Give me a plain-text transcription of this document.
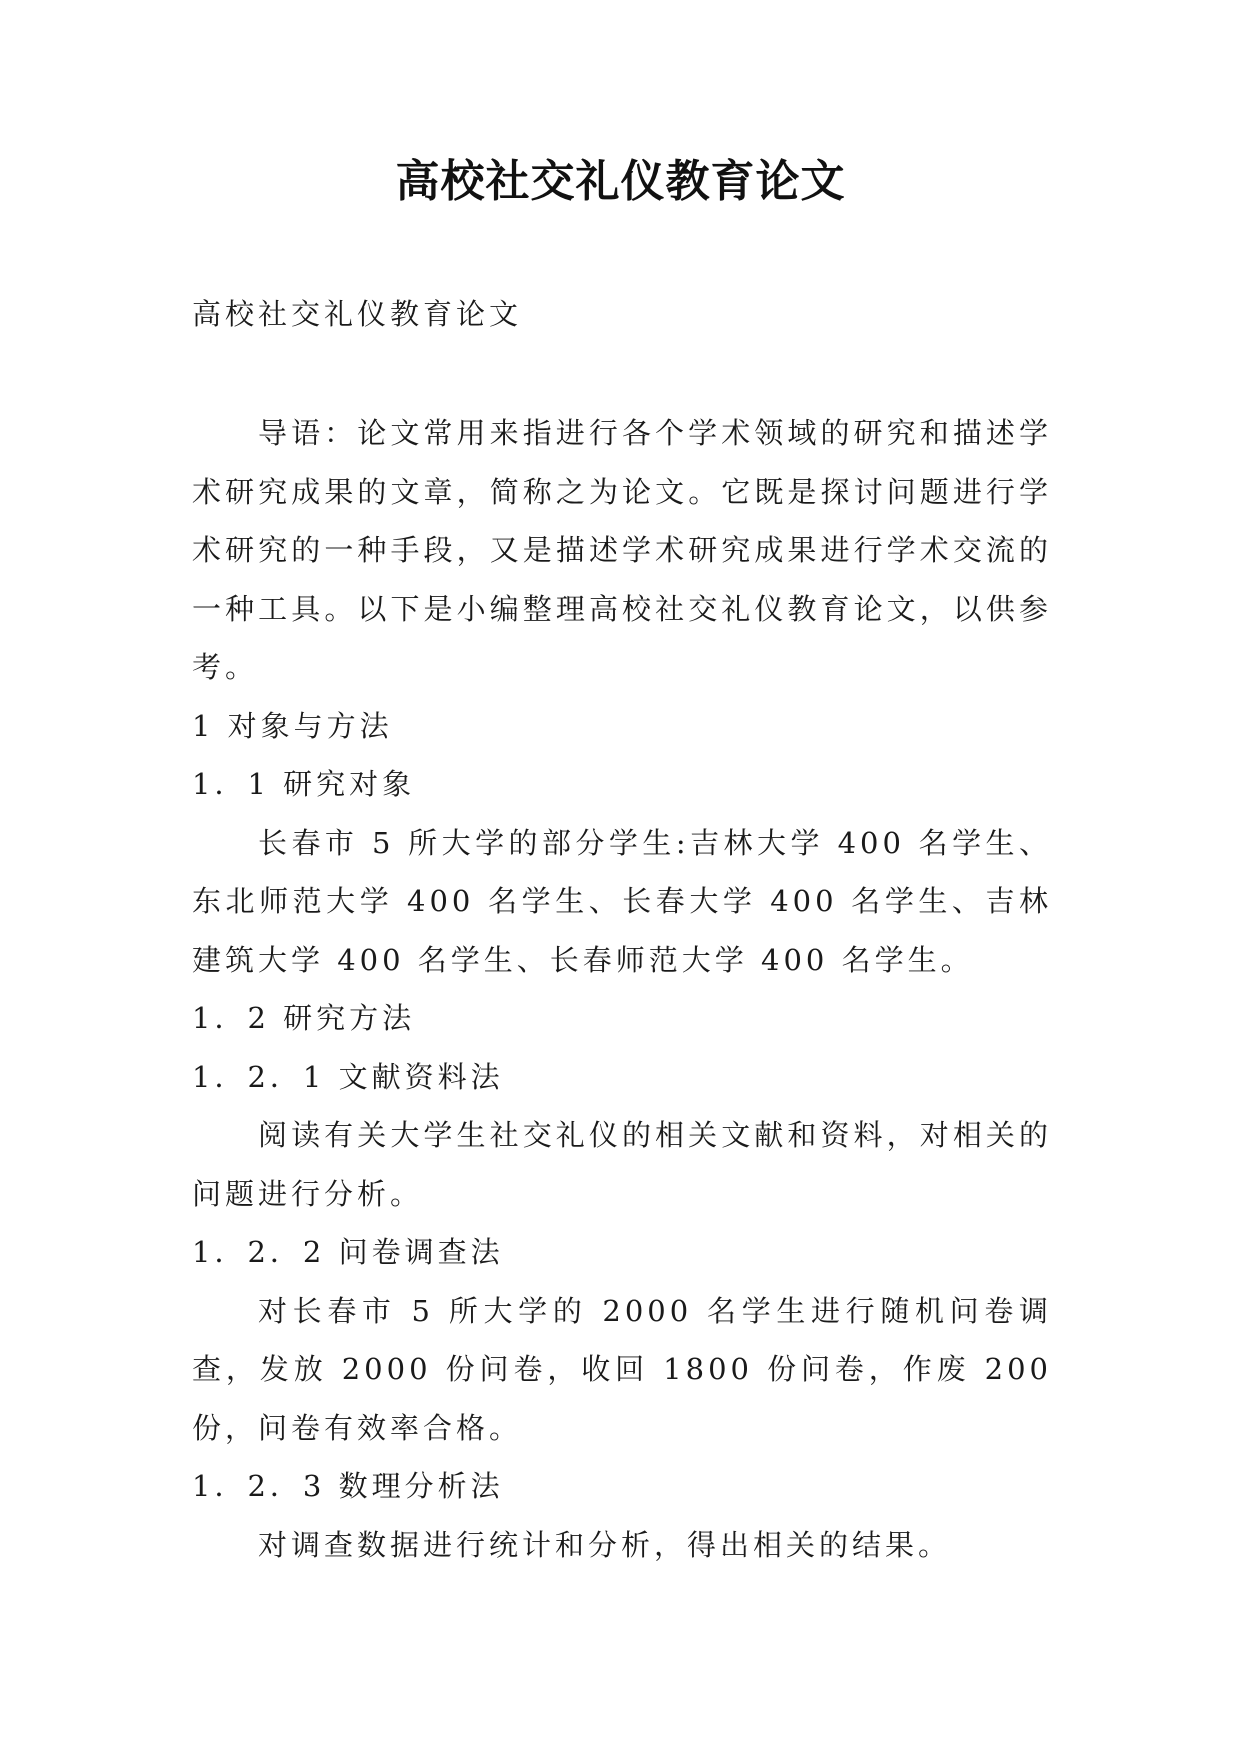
高校社交礼仪教育论文
高校社交礼仪教育论文

导语：论文常用来指进行各个学术领域的研究和描述学术研究成果的文章，简称之为论文。它既是探讨问题进行学术研究的一种手段，又是描述学术研究成果进行学术交流的一种工具。以下是小编整理高校社交礼仪教育论文，以供参考。

1 对象与方法

1．1 研究对象

长春市 5 所大学的部分学生:吉林大学 400 名学生、东北师范大学 400 名学生、长春大学 400 名学生、吉林建筑大学 400 名学生、长春师范大学 400 名学生。

1．2 研究方法

1．2．1 文献资料法

阅读有关大学生社交礼仪的相关文献和资料，对相关的问题进行分析。

1．2．2 问卷调查法

对长春市 5 所大学的 2000 名学生进行随机问卷调查，发放 2000 份问卷，收回 1800 份问卷，作废 200 份，问卷有效率合格。

1．2．3 数理分析法

对调查数据进行统计和分析，得出相关的结果。
